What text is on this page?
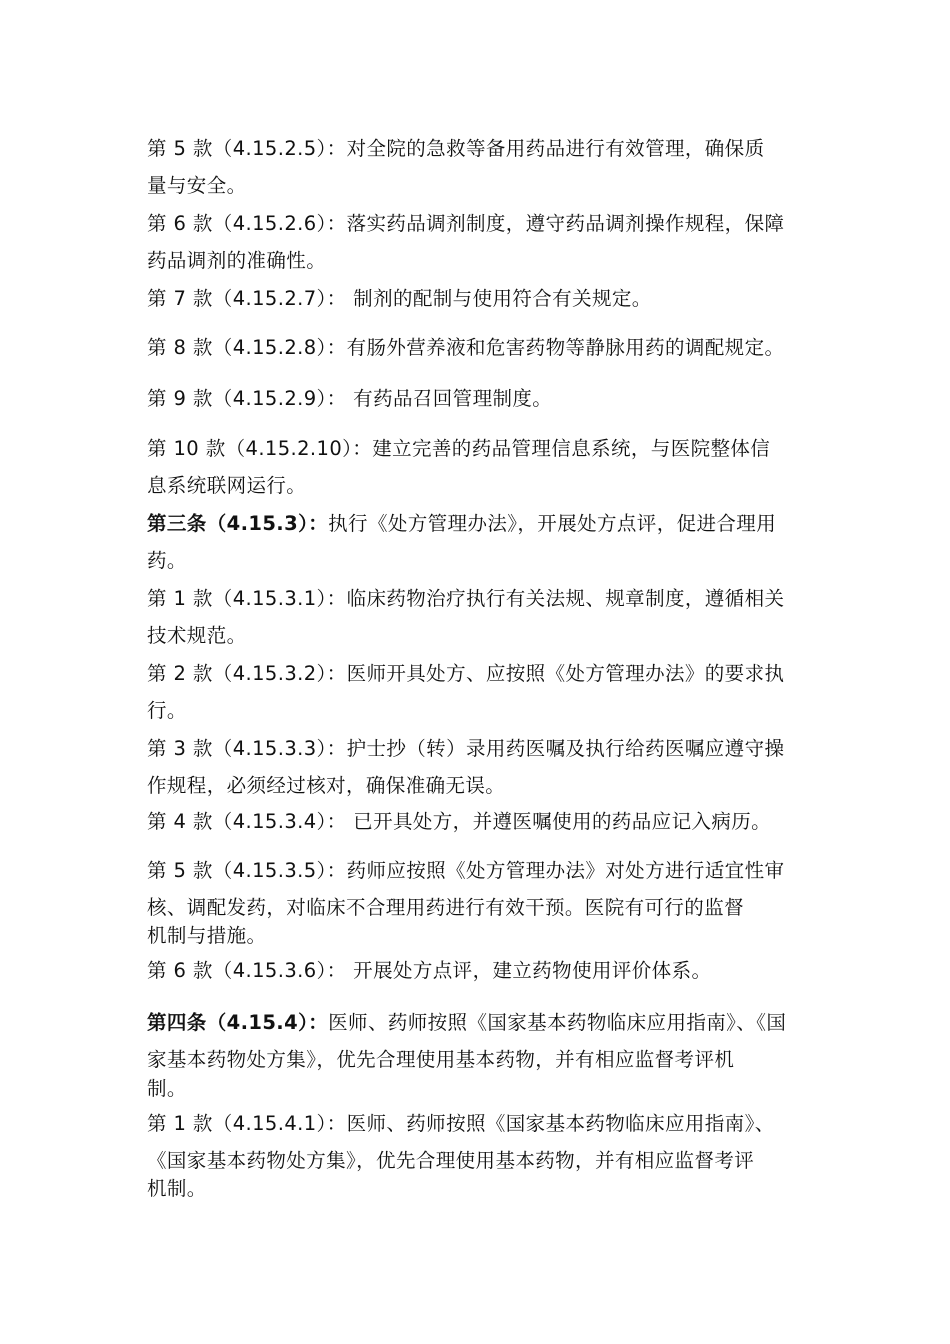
第 5 款（4.15.2.5）：对全院的急救等备用药品进行有效管理，确保质
量与安全。

第 6 款（4.15.2.6）：落实药品调剂制度，遵守药品调剂操作规程，保障
药品调剂的准确性。

第 7 款（4.15.2.7）： 制剂的配制与使用符合有关规定。

第 8 款（4.15.2.8）：有肠外营养液和危害药物等静脉用药的调配规定。

第 9 款（4.15.2.9）： 有药品召回管理制度。

第 10 款（4.15.2.10）：建立完善的药品管理信息系统，与医院整体信
息系统联网运行。

第三条（4.15.3）：执行《处方管理办法》，开展处方点评，促进合理用
药。

第 1 款（4.15.3.1）：临床药物治疗执行有关法规、规章制度，遵循相关
技术规范。

第 2 款（4.15.3.2）：医师开具处方、应按照《处方管理办法》的要求执
行。

第 3 款（4.15.3.3）：护士抄（转）录用药医嘱及执行给药医嘱应遵守操
作规程，必须经过核对，确保准确无误。

第 4 款（4.15.3.4）： 已开具处方，并遵医嘱使用的药品应记入病历。

第 5 款（4.15.3.5）：药师应按照《处方管理办法》对处方进行适宜性审
核、调配发药，对临床不合理用药进行有效干预。医院有可行的监督

机制与措施。

第 6 款（4.15.3.6）： 开展处方点评，建立药物使用评价体系。

第四条（4.15.4）：医师、药师按照《国家基本药物临床应用指南》、《国
家基本药物处方集》，优先合理使用基本药物，并有相应监督考评机

制。

第 1 款（4.15.4.1）：医师、药师按照《国家基本药物临床应用指南》、
《国家基本药物处方集》，优先合理使用基本药物，并有相应监督考评

机制。
